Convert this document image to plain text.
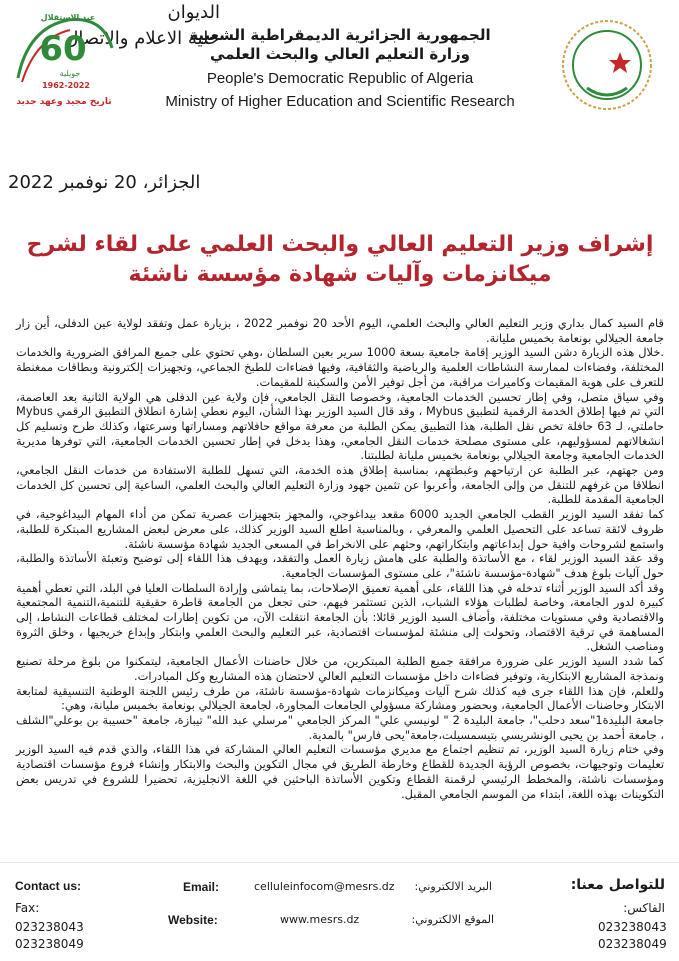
60
عيد الاستقلال
جويلية
1962-2022
تاريخ مجيد وعهد جديد
الجمهورية الجزائرية الديمقراطية الشعبية
وزارة التعليم العالي والبحث العلمي
People's Democratic Republic of Algeria
Ministry of Higher Education and Scientific Research
الديوان
خلية الاعلام والاتصال
الجزائر، 20 نوفمبر 2022
إشراف وزير التعليم العالي والبحث العلمي على لقاء لشرح
ميكانزمات وآليات شهادة مؤسسة ناشئة

قام السيد كمال بداري وزير التعليم العالي والبحث العلمي، اليوم الأحد 20 نوفمبر 2022 ، بزيارة عمل وتفقد لولاية عين الدفلى، أين زار جامعة الجيلالي بونعامة بخميس مليانة.

.خلال هذه الزيارة دشن السيد الوزير إقامة جامعية بسعة 1000 سرير بعين السلطان ،وهي تحتوي على جميع المرافق الضرورية والخدمات المختلفة، وفضاءات لممارسة النشاطات العلمية والرياضية والثقافية، وفيها فضاءات للطبخ الجماعي، وتجهيزات إلكترونية وبطاقات ممغنطة للتعرف على هوية المقيمات وكاميرات مراقبة، من أجل توفير الأمن والسكينة للمقيمات.

وفي سياق متصل، وفي إطار تحسين الخدمات الجامعية، وخصوصا النقل الجامعي، فإن ولاية عين الدفلى هي الولاية الثانية بعد العاصمة، التي تم فيها إطلاق الخدمة الرقمية لتطبيق Mybus ، وقد قال السيد الوزير بهذا الشأن، اليوم نعطي إشارة انطلاق التطبيق الرقمي Mybus حاملتي، لـ 63 حافلة تخص نقل الطلبة، هذا التطبيق يمكن الطلبة من معرفة مواقع حافلاتهم ومساراتها وسرعتها، وكذلك طرح وتسليم كل انشغالاتهم لمسؤوليهم، على مستوى مصلحة خدمات النقل الجامعي، وهذا يدخل في إطار تحسين الخدمات الجامعية، التي توفرها مديرية الخدمات الجامعية وجامعة الجيلالي بونعامة بخميس مليانة لطلبتنا.

ومن جهتهم، عبر الطلبة عن ارتياحهم وغبطتهم، بمناسبة إطلاق هذه الخدمة، التي تسهل للطلبة الاستفادة من خدمات النقل الجامعي، انطلاقا من غرفهم للتنقل من وإلى الجامعة، وأعربوا عن تثمين جهود وزارة التعليم العالي والبحث العلمي، الساعية إلى تحسين كل الخدمات الجامعية المقدمة للطلبة.

كما تفقد السيد الوزير القطب الجامعي الجديد 6000 مقعد بيداغوجي، والمجهز بتجهيزات عصرية تمكن من أداء المهام البيداغوجية، في ظروف لائقة تساعد على التحصيل العلمي والمعرفي ، وبالمناسبة اطلع السيد الوزير كذلك، على معرض لبعض المشاريع المبتكرة للطلبة، واستمع لشروحات وافية حول إبداعاتهم وابتكاراتهم، وحثهم على الانخراط في المسعى الجديد شهادة مؤسسة ناشئة.

وقد عقد السيد الوزير لقاء ، مع الأساتذة والطلبة على هامش زيارة العمل والتفقد، ويهدف هذا اللقاء إلى توضيح وتعبئة الأساتذة والطلبة، حول آليات بلوغ هدف "شهادة-مؤسسة ناشئة"، على مستوى المؤسسات الجامعية.

وقد أكد السيد الوزير أثناء تدخله في هذا اللقاء، على أهمية تعميق الإصلاحات، بما يتماشى وإرادة السلطات العليا في البلد، التي تعطي أهمية كبيرة لدور الجامعة، وخاصة لطلبات هؤلاء الشباب، الذين تستثمر فيهم، حتى تجعل من الجامعة قاطرة حقيقية للتنمية،التنمية المجتمعية والاقتصادية وفي مستويات مختلفة، وأضاف السيد الوزير قائلا: بأن الجامعة انتقلت الآن، من تكوين إطارات لمختلف قطاعات النشاط، إلى المساهمة في ترقية الاقتصاد، وتحولت إلى منشئة لمؤسسات اقتصادية، عبر التعليم والبحث العلمي وابتكار وإبداع خريجيها ، وخلق الثروة ومناصب الشغل.

كما شدد السيد الوزير على ضرورة مرافقة جميع الطلبة المبتكرين، من خلال حاضنات الأعمال الجامعية، ليتمكنوا من بلوغ مرحلة تصنيع ونمذجة المشاريع الابتكارية، وتوفير فضاءات داخل مؤسسات التعليم العالي لاحتضان هذه المشاريع وكل المبادرات.

وللعلم، فإن هذا اللقاء جرى فيه كذلك شرح آليات وميكانزمات شهادة-مؤسسة ناشئة، من طرف رئيس اللجنة الوطنية التنسيقية لمتابعة الابتكار وحاضنات الأعمال الجامعية، وبحضور ومشاركة مسؤولي الجامعات المجاورة، لجامعة الجيلالي بونعامة بخميس مليانة، وهي:

جامعة البليدة1"سعد دحلب"، جامعة البليدة 2 " لونيسي علي" المركز الجامعي "مرسلي عبد الله" تيبازة، جامعة "حسيبة بن بوعلي"الشلف ، جامعة أحمد بن يحيى الونشريسي بتيسمسيلت،جامعة"يحى فارس" بالمدية.

وفي ختام زيارة السيد الوزير، تم تنظيم اجتماع مع مديري مؤسسات التعليم العالي المشاركة في هذا اللقاء، والذي قدم فيه السيد الوزير تعليمات وتوجيهات، بخصوص الرؤية الجديدة للقطاع وخارطة الطريق في مجال التكوين والبحث والابتكار وإنشاء فروع مؤسسات اقتصادية ومؤسسات ناشئة، والمخطط الرئيسي لرقمنة القطاع وتكوين الأساتذة الباحثين في اللغة الانجليزية، تحضيرا للشروع في تدريس بعض التكوينات بهذه اللغة، ابتداء من الموسم الجامعي المقبل.

Contact us:
Fax:
023238043
023238049
Email:	celluleinfocom@mesrs.dz البريد الالكتروني:
Website:	www.mesrs.dz	الموقع الالكتروني:
للتواصل معنا:
الفاكس:
023238043
023238049
